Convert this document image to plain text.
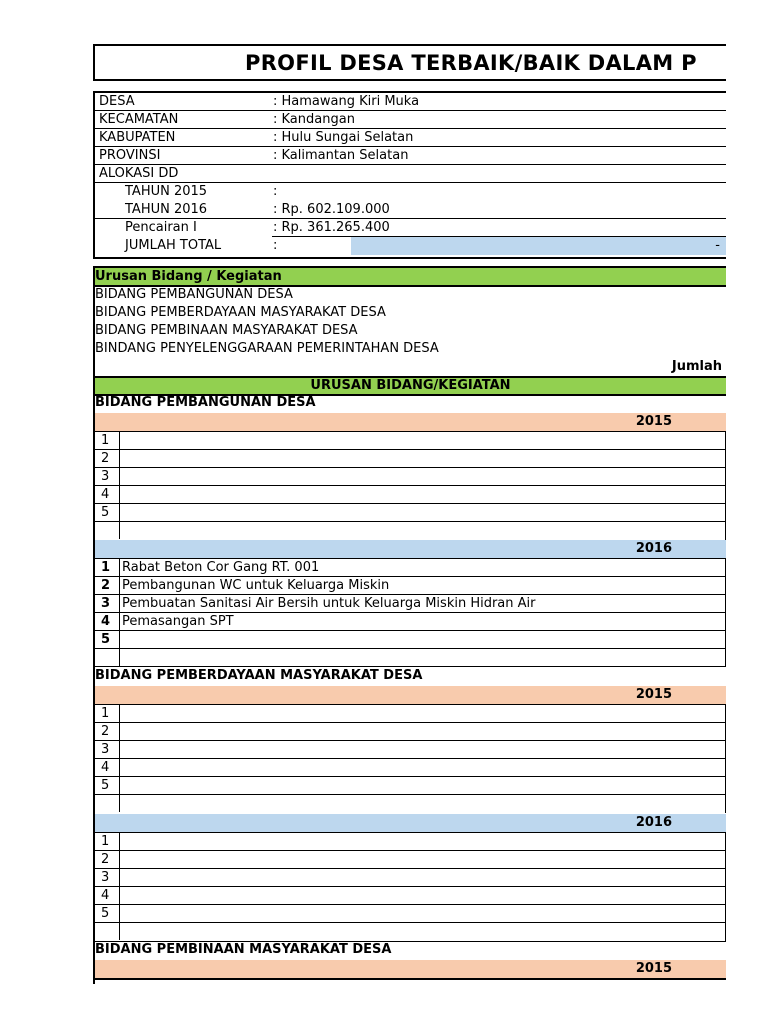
PROFIL DESA TERBAIK/BAIK DALAM P
DESA	: Hamawang Kiri Muka
KECAMATAN	: Kandangan
KABUPATEN	: Hulu Sungai Selatan
PROVINSI	: Kalimantan Selatan
ALOKASI DD
TAHUN 2015	:
TAHUN 2016	: Rp. 602.109.000
Pencairan I	: Rp. 361.265.400
JUMLAH TOTAL	:	-
Urusan Bidang / Kegiatan
BIDANG PEMBANGUNAN DESA
BIDANG PEMBERDAYAAN MASYARAKAT DESA
BIDANG PEMBINAAN MASYARAKAT DESA
BINDANG PENYELENGGARAAN PEMERINTAHAN DESA
Jumlah
URUSAN BIDANG/KEGIATAN
BIDANG PEMBANGUNAN DESA
2015
1
2
3
4
5
2016
1 Rabat Beton Cor Gang RT. 001
2 Pembangunan WC untuk Keluarga Miskin
3 Pembuatan Sanitasi Air Bersih untuk Keluarga Miskin Hidran Air
4 Pemasangan SPT
5
BIDANG PEMBERDAYAAN MASYARAKAT DESA
2015
1
2
3
4
5
2016
1
2
3
4
5
BIDANG PEMBINAAN MASYARAKAT DESA
2015
